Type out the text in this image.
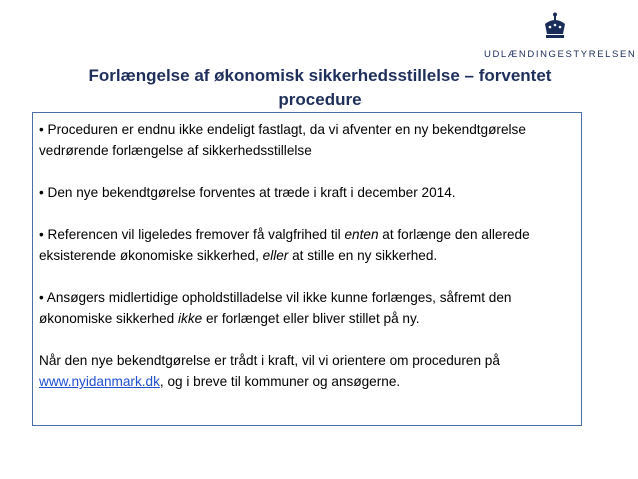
UDLÆNDINGESTYRELSEN
Forlængelse af økonomisk sikkerhedsstillelse – forventet
procedure

• Proceduren er endnu ikke endeligt fastlagt, da vi afventer en ny bekendtgørelse vedrørende forlængelse af sikkerhedsstillelse

• Den nye bekendtgørelse forventes at træde i kraft i december 2014.

• Referencen vil ligeledes fremover få valgfrihed til enten at forlænge den allerede eksisterende økonomiske sikkerhed, eller at stille en ny sikkerhed.

• Ansøgers midlertidige opholdstilladelse vil ikke kunne forlænges, såfremt den økonomiske sikkerhed ikke er forlænget eller bliver stillet på ny.

Når den nye bekendtgørelse er trådt i kraft, vil vi orientere om proceduren på www.nyidanmark.dk, og i breve til kommuner og ansøgerne.
